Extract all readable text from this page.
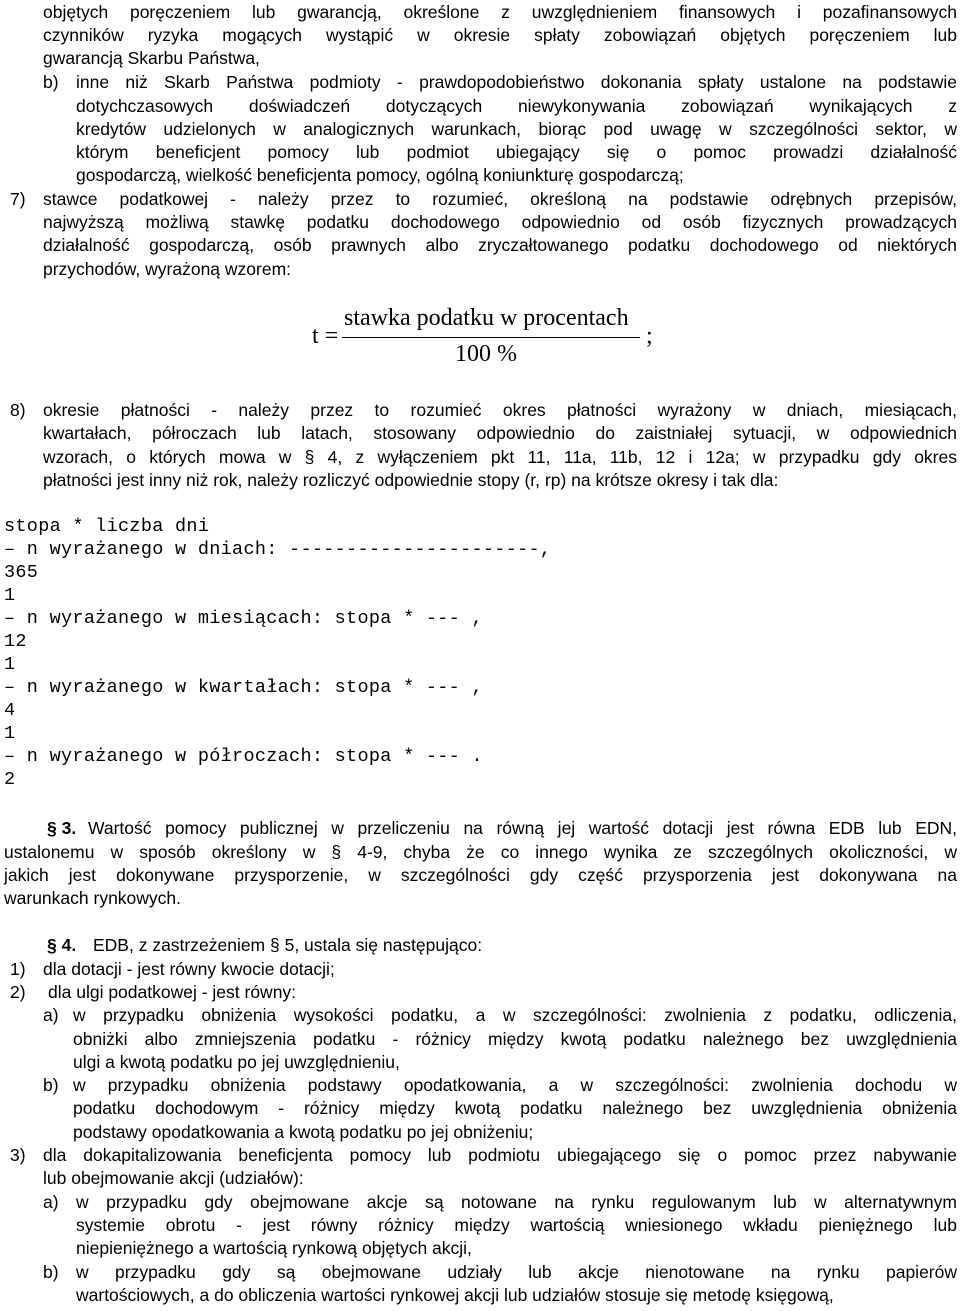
objętych poręczeniem lub gwarancją, określone z uwzględnieniem finansowych i pozafinansowych
czynników ryzyka mogących wystąpić w okresie spłaty zobowiązań objętych poręczeniem lub
gwarancją Skarbu Państwa,
b) inne niż Skarb Państwa podmioty - prawdopodobieństwo dokonania spłaty ustalone na podstawie
dotychczasowych doświadczeń dotyczących niewykonywania zobowiązań wynikających z
kredytów udzielonych w analogicznych warunkach, biorąc pod uwagę w szczególności sektor, w
którym beneficjent pomocy lub podmiot ubiegający się o pomoc prowadzi działalność
gospodarczą, wielkość beneficjenta pomocy, ogólną koniunkturę gospodarczą;
7) stawce podatkowej - należy przez to rozumieć, określoną na podstawie odrębnych przepisów,
najwyższą możliwą stawkę podatku dochodowego odpowiednio od osób fizycznych prowadzących
działalność gospodarczą, osób prawnych albo zryczałtowanego podatku dochodowego od niektórych
przychodów, wyrażoną wzorem:
t =
stawka podatku w procentach
100 %
;
8) okresie płatności - należy przez to rozumieć okres płatności wyrażony w dniach, miesiącach,
kwartałach, półroczach lub latach, stosowany odpowiednio do zaistniałej sytuacji, w odpowiednich
wzorach, o których mowa w § 4, z wyłączeniem pkt 11, 11a, 11b, 12 i 12a; w przypadku gdy okres
płatności jest inny niż rok, należy rozliczyć odpowiednie stopy (r, rp) na krótsze okresy i tak dla:
stopa * liczba dni
– n wyrażanego w dniach: ----------------------,
365
1
– n wyrażanego w miesiącach: stopa * --- ,
12
1
– n wyrażanego w kwartałach: stopa * --- ,
4
1
– n wyrażanego w półroczach: stopa * --- .
2
§ 3. Wartość pomocy publicznej w przeliczeniu na równą jej wartość dotacji jest równa EDB lub EDN,
ustalonemu w sposób określony w § 4-9, chyba że co innego wynika ze szczególnych okoliczności, w
jakich jest dokonywane przysporzenie, w szczególności gdy część przysporzenia jest dokonywana na
warunkach rynkowych.
§ 4. EDB, z zastrzeżeniem § 5, ustala się następująco:
1) dla dotacji - jest równy kwocie dotacji;
2)	dla ulgi podatkowej - jest równy:
a) w przypadku obniżenia wysokości podatku, a w szczególności: zwolnienia z podatku, odliczenia,
obniżki albo zmniejszenia podatku - różnicy między kwotą podatku należnego bez uwzględnienia
ulgi a kwotą podatku po jej uwzględnieniu,
b) w przypadku obniżenia podstawy opodatkowania, a w szczególności: zwolnienia dochodu w
podatku dochodowym - różnicy między kwotą podatku należnego bez uwzględnienia obniżenia
podstawy opodatkowania a kwotą podatku po jej obniżeniu;
3) dla dokapitalizowania beneficjenta pomocy lub podmiotu ubiegającego się o pomoc przez nabywanie
lub obejmowanie akcji (udziałów):
a) w przypadku gdy obejmowane akcje są notowane na rynku regulowanym lub w alternatywnym
systemie obrotu - jest równy różnicy między wartością wniesionego wkładu pieniężnego lub
niepieniężnego a wartością rynkową objętych akcji,
b) w przypadku gdy są obejmowane udziały lub akcje nienotowane na rynku papierów
wartościowych, a do obliczenia wartości rynkowej akcji lub udziałów stosuje się metodę księgową,
